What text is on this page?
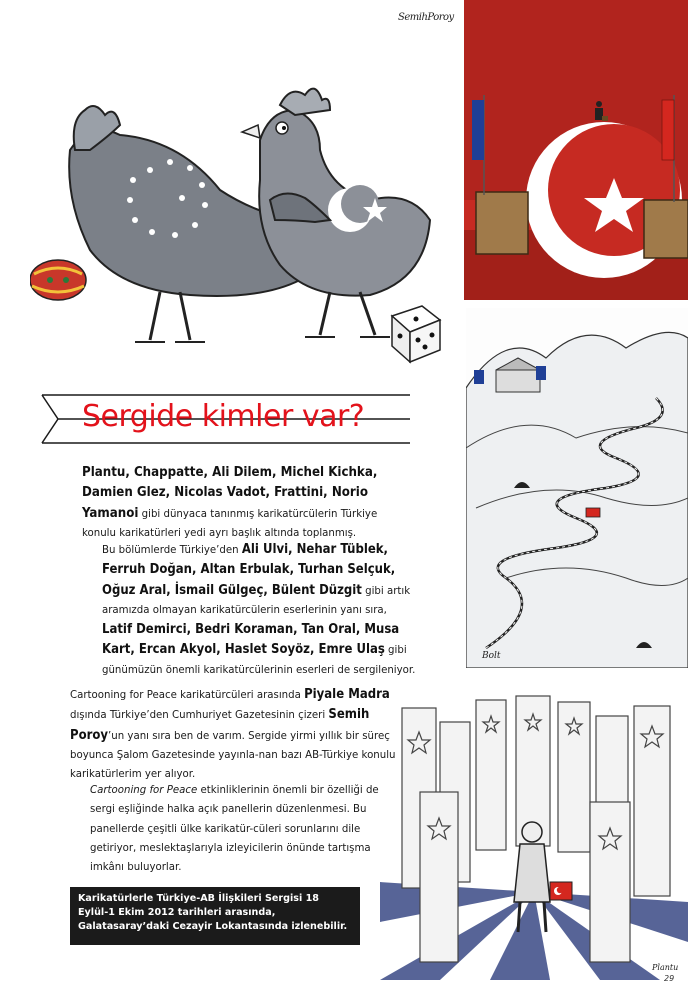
SemihPoroy
Bolt
Plantu
Sergide kimler var?
Plantu, Chappatte, Ali Dilem, Michel Kichka, Damien Glez, Nicolas Vadot, Frattini, Norio Yamanoi gibi dünyaca tanınmış karikatürcülerin Türkiye konulu karikatürleri yedi ayrı başlık altında toplanmış.
Bu bölümlerde Türkiye’den Ali Ulvi, Nehar Tüblek, Ferruh Doğan, Altan Erbulak, Turhan Selçuk, Oğuz Aral, İsmail Gülgeç, Bülent Düzgit gibi artık aramızda olmayan karikatürcülerin eserlerinin yanı sıra, Latif Demirci, Bedri Koraman, Tan Oral, Musa Kart, Ercan Akyol, Haslet Soyöz, Emre Ulaş gibi günümüzün önemli karikatürcülerinin eserleri de sergileniyor.
Cartooning for Peace karikatürcüleri arasında Piyale Madra dışında Türkiye’den Cumhuriyet Gazetesinin çizeri Semih Poroy’un yanı sıra ben de varım. Sergide yirmi yıllık bir süreç boyunca Şalom Gazetesinde yayınla-nan bazı AB-Türkiye konulu karikatürlerim yer alıyor.
Cartooning for Peace etkinliklerinin önemli bir özelliği de sergi eşliğinde halka açık panellerin düzenlenmesi. Bu panellerde çeşitli ülke karikatür-cüleri sorunlarını dile getiriyor, meslektaşlarıyla izleyicilerin önünde tartışma imkânı buluyorlar.
Karikatürlerle Türkiye-AB İlişkileri Sergisi 18 Eylül-1 Ekim 2012 tarihleri arasında, Galatasaray’daki Cezayir Lokantasında izlenebilir.
29
